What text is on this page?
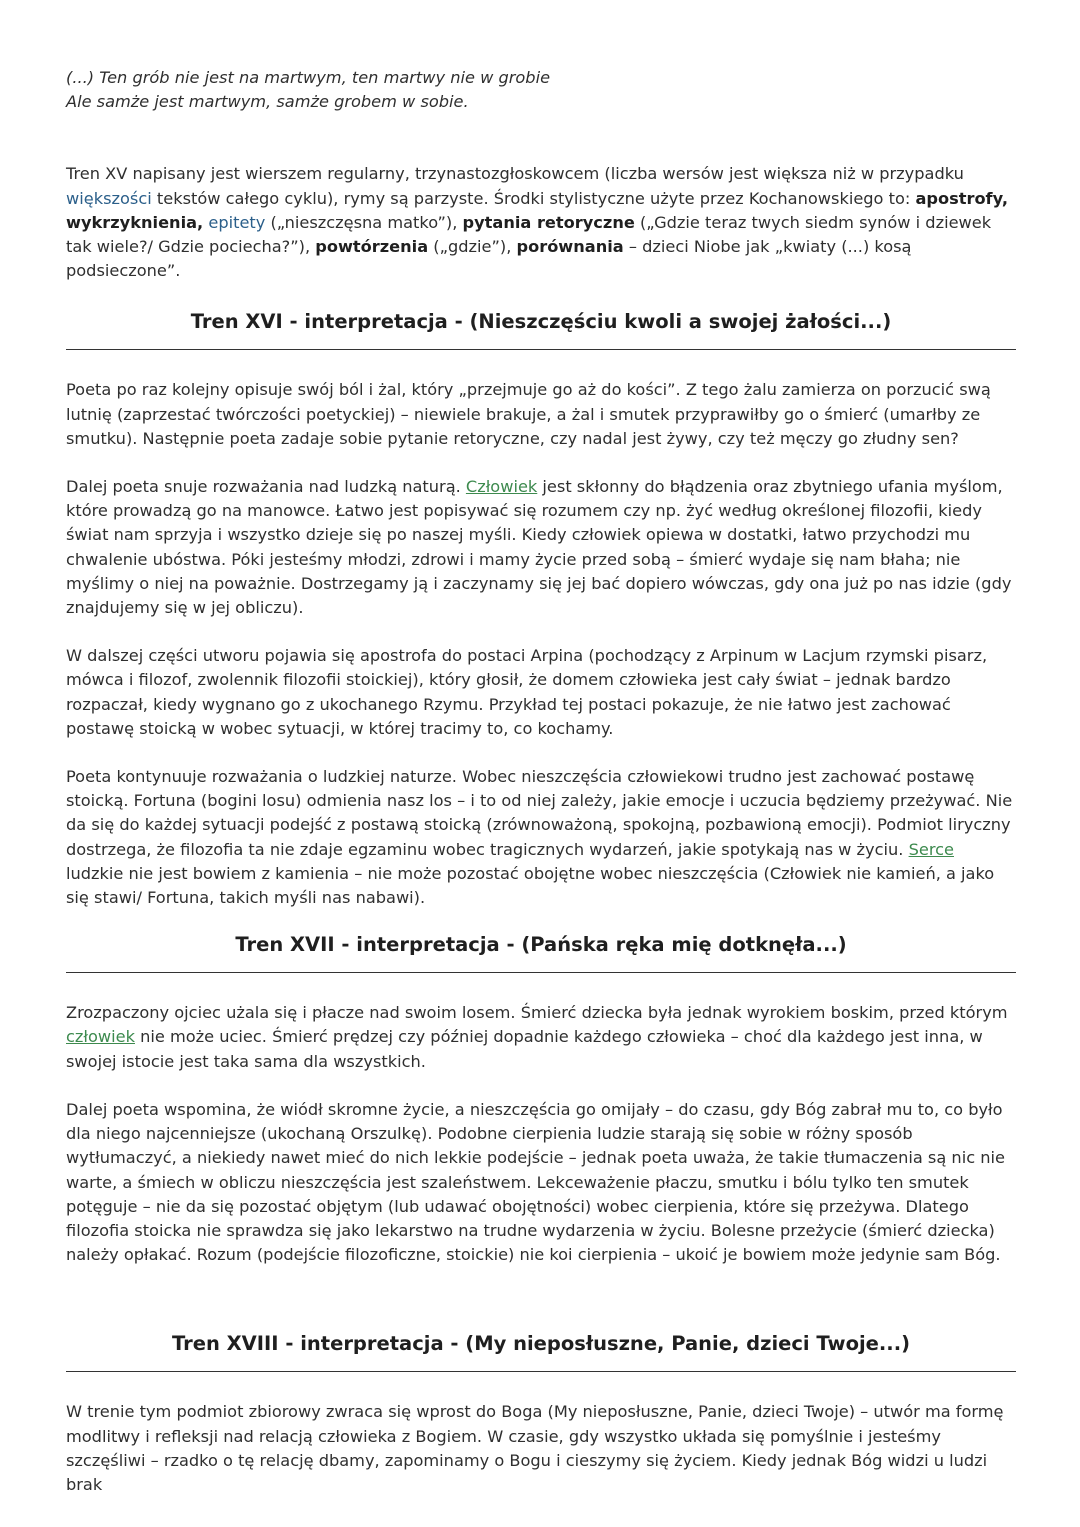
(...) Ten grób nie jest na martwym, ten martwy nie w grobie
Ale samże jest martwym, samże grobem w sobie.

Tren XV napisany jest wierszem regularny, trzynastozgłoskowcem (liczba wersów jest większa niż w przypadku większości tekstów całego cyklu), rymy są parzyste. Środki stylistyczne użyte przez Kochanowskiego to: apostrofy, wykrzyknienia, epitety („nieszczęsna matko”), pytania retoryczne („Gdzie teraz twych siedm synów i dziewek tak wiele?/ Gdzie pociecha?”), powtórzenia („gdzie”), porównania – dzieci Niobe jak „kwiaty (...) kosą podsieczone”.

Tren XVI - interpretacja - (Nieszczęściu kwoli a swojej żałości...)

Poeta po raz kolejny opisuje swój ból i żal, który „przejmuje go aż do kości”. Z tego żalu zamierza on porzucić swą lutnię (zaprzestać twórczości poetyckiej) – niewiele brakuje, a żal i smutek przyprawiłby go o śmierć (umarłby ze smutku). Następnie poeta zadaje sobie pytanie retoryczne, czy nadal jest żywy, czy też męczy go złudny sen?

Dalej poeta snuje rozważania nad ludzką naturą. Człowiek jest skłonny do błądzenia oraz zbytniego ufania myślom, które prowadzą go na manowce. Łatwo jest popisywać się rozumem czy np. żyć według określonej filozofii, kiedy świat nam sprzyja i wszystko dzieje się po naszej myśli. Kiedy człowiek opiewa w dostatki, łatwo przychodzi mu chwalenie ubóstwa. Póki jesteśmy młodzi, zdrowi i mamy życie przed sobą – śmierć wydaje się nam błaha; nie myślimy o niej na poważnie. Dostrzegamy ją i zaczynamy się jej bać dopiero wówczas, gdy ona już po nas idzie (gdy znajdujemy się w jej obliczu).

W dalszej części utworu pojawia się apostrofa do postaci Arpina (pochodzący z Arpinum w Lacjum rzymski pisarz, mówca i filozof, zwolennik filozofii stoickiej), który głosił, że domem człowieka jest cały świat – jednak bardzo rozpaczał, kiedy wygnano go z ukochanego Rzymu. Przykład tej postaci pokazuje, że nie łatwo jest zachować postawę stoicką w wobec sytuacji, w której tracimy to, co kochamy.

Poeta kontynuuje rozważania o ludzkiej naturze. Wobec nieszczęścia człowiekowi trudno jest zachować postawę stoicką. Fortuna (bogini losu) odmienia nasz los – i to od niej zależy, jakie emocje i uczucia będziemy przeżywać. Nie da się do każdej sytuacji podejść z postawą stoicką (zrównoważoną, spokojną, pozbawioną emocji). Podmiot liryczny dostrzega, że filozofia ta nie zdaje egzaminu wobec tragicznych wydarzeń, jakie spotykają nas w życiu. Serce ludzkie nie jest bowiem z kamienia – nie może pozostać obojętne wobec nieszczęścia (Człowiek nie kamień, a jako się stawi/ Fortuna, takich myśli nas nabawi).

Tren XVII - interpretacja - (Pańska ręka mię dotknęła...)

Zrozpaczony ojciec użala się i płacze nad swoim losem. Śmierć dziecka była jednak wyrokiem boskim, przed którym człowiek nie może uciec. Śmierć prędzej czy później dopadnie każdego człowieka – choć dla każdego jest inna, w swojej istocie jest taka sama dla wszystkich.

Dalej poeta wspomina, że wiódł skromne życie, a nieszczęścia go omijały – do czasu, gdy Bóg zabrał mu to, co było dla niego najcenniejsze (ukochaną Orszulkę). Podobne cierpienia ludzie starają się sobie w różny sposób wytłumaczyć, a niekiedy nawet mieć do nich lekkie podejście – jednak poeta uważa, że takie tłumaczenia są nic nie warte, a śmiech w obliczu nieszczęścia jest szaleństwem. Lekceważenie płaczu, smutku i bólu tylko ten smutek potęguje – nie da się pozostać objętym (lub udawać obojętności) wobec cierpienia, które się przeżywa. Dlatego filozofia stoicka nie sprawdza się jako lekarstwo na trudne wydarzenia w życiu. Bolesne przeżycie (śmierć dziecka) należy opłakać. Rozum (podejście filozoficzne, stoickie) nie koi cierpienia – ukoić je bowiem może jedynie sam Bóg.

Tren XVIII - interpretacja - (My nieposłuszne, Panie, dzieci Twoje...)

W trenie tym podmiot zbiorowy zwraca się wprost do Boga (My nieposłuszne, Panie, dzieci Twoje) – utwór ma formę modlitwy i refleksji nad relacją człowieka z Bogiem. W czasie, gdy wszystko układa się pomyślnie i jesteśmy szczęśliwi – rzadko o tę relację dbamy, zapominamy o Bogu i cieszymy się życiem. Kiedy jednak Bóg widzi u ludzi brak
